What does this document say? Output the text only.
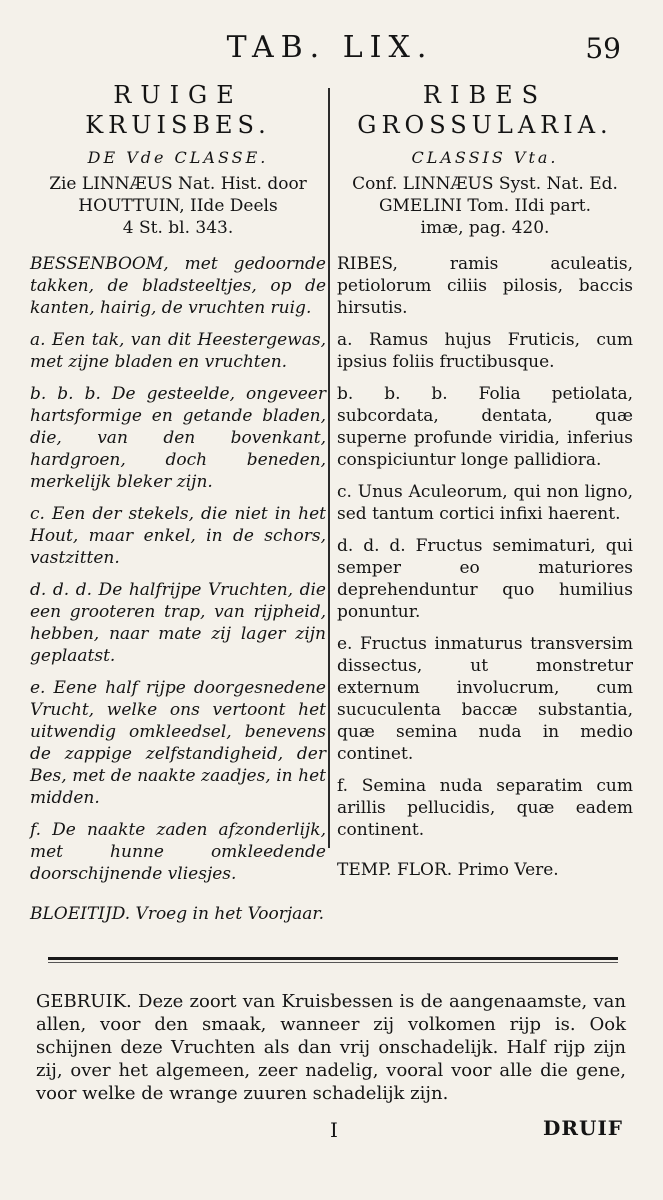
TAB. LIX.	59
RUIGE
KRUISBES.
DE Vde CLASSE.
Zie LINNÆUS Nat. Hist. door
HOUTTUIN, IIde Deels
4 St. bl. 343.
BESSENBOOM, met gedoornde takken, de bladsteeltjes, op de kanten, hairig, de vruchten ruig.
a. Een tak, van dit Heestergewas, met zijne bladen en vruchten.
b. b. b. De gesteelde, ongeveer hartsformige en getande bladen, die, van den bovenkant, hardgroen, doch beneden, merkelijk bleker zijn.
c. Een der stekels, die niet in het Hout, maar enkel, in de schors, vastzitten.
d. d. d. De halfrijpe Vruchten, die een grooteren trap, van rijpheid, hebben, naar mate zij lager zijn geplaatst.
e. Eene half rijpe doorgesnedene Vrucht, welke ons vertoont het uitwendig omkleedsel, benevens de zappige zelfstandigheid, der Bes, met de naakte zaadjes, in het midden.
f. De naakte zaden afzonderlijk, met hunne omkleedende doorschijnende vliesjes.
BLOEITIJD. Vroeg in het Voorjaar.
RIBES
GROSSULARIA.
CLASSIS Vta.
Conf. LINNÆUS Syst. Nat. Ed.
GMELINI Tom. IIdi part.
imæ, pag. 420.
RIBES, ramis aculeatis, petiolorum ciliis pilosis, baccis hirsutis.
a. Ramus hujus Fruticis, cum ipsius foliis fructibusque.
b. b. b. Folia petiolata, subcordata, dentata, quæ superne profunde viridia, inferius conspiciuntur longe pallidiora.
c. Unus Aculeorum, qui non ligno, sed tantum cortici infixi haerent.
d. d. d. Fructus semimaturi, qui semper eo maturiores deprehenduntur quo humilius ponuntur.
e. Fructus inmaturus transversim dissectus, ut monstretur externum involucrum, cum sucuculenta baccæ substantia, quæ semina nuda in medio continet.
f. Semina nuda separatim cum arillis pellucidis, quæ eadem continent.
TEMP. FLOR. Primo Vere.
GEBRUIK. Deze zoort van Kruisbessen is de aangenaamste, van allen, voor den smaak, wanneer zij volkomen rijp is. Ook schijnen deze Vruchten als dan vrij onschadelijk. Half rijp zijn zij, over het algemeen, zeer nadelig, vooral voor alle die gene, voor welke de wrange zuuren schadelijk zijn.
I	DRUIF
